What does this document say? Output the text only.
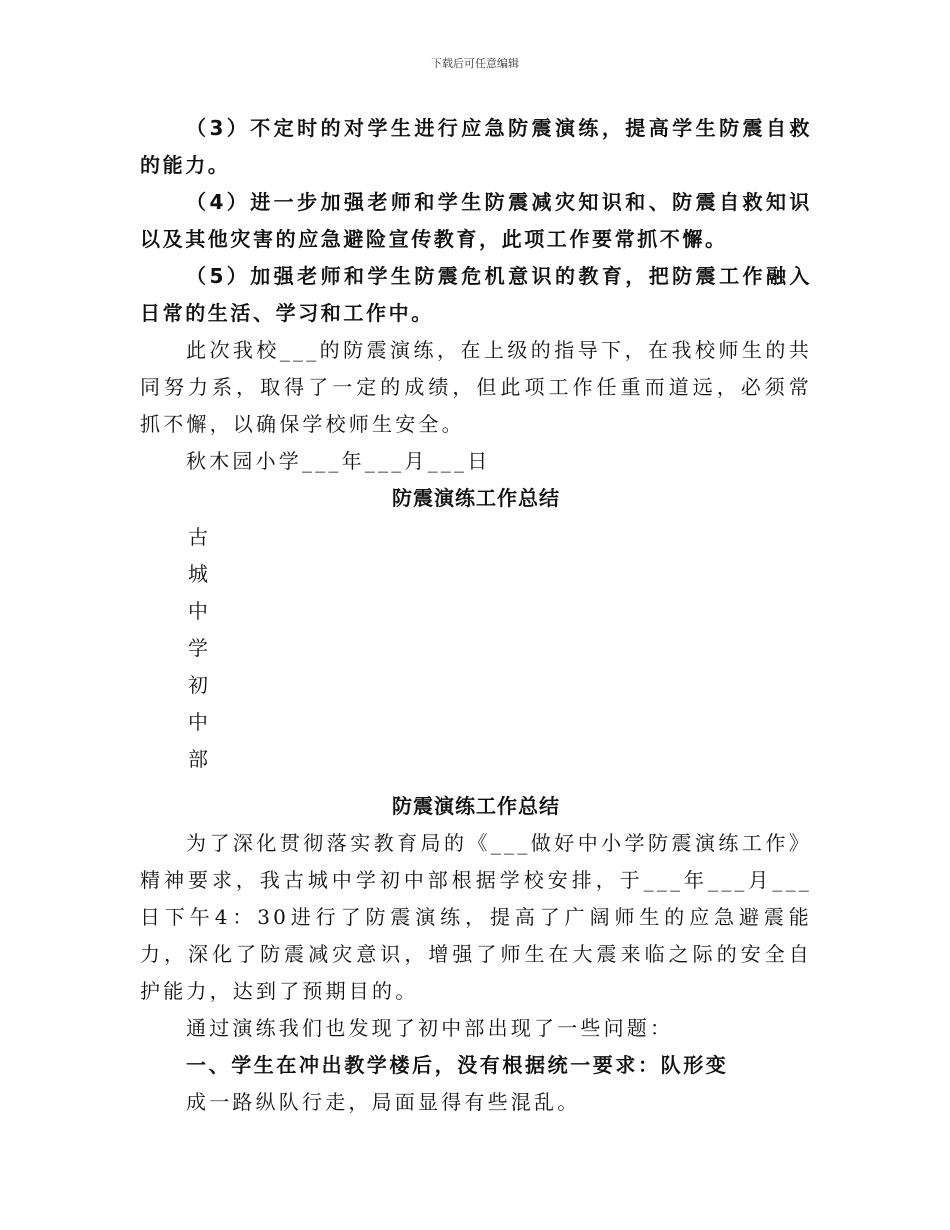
下载后可任意编辑

（3）不定时的对学生进行应急防震演练，提高学生防震自救的能力。

（4）进一步加强老师和学生防震减灾知识和、防震自救知识以及其他灾害的应急避险宣传教育，此项工作要常抓不懈。

（5）加强老师和学生防震危机意识的教育，把防震工作融入日常的生活、学习和工作中。

此次我校___的防震演练，在上级的指导下，在我校师生的共同努力系，取得了一定的成绩，但此项工作任重而道远，必须常抓不懈，以确保学校师生安全。

秋木园小学___年___月___日

防震演练工作总结

古
城
中
学
初
中
部

防震演练工作总结

为了深化贯彻落实教育局的《___做好中小学防震演练工作》精神要求，我古城中学初中部根据学校安排，于___年___月___日下午4：30进行了防震演练，提高了广阔师生的应急避震能力，深化了防震减灾意识，增强了师生在大震来临之际的安全自护能力，达到了预期目的。

通过演练我们也发现了初中部出现了一些问题：

一、学生在冲出教学楼后，没有根据统一要求：队形变

成一路纵队行走，局面显得有些混乱。
